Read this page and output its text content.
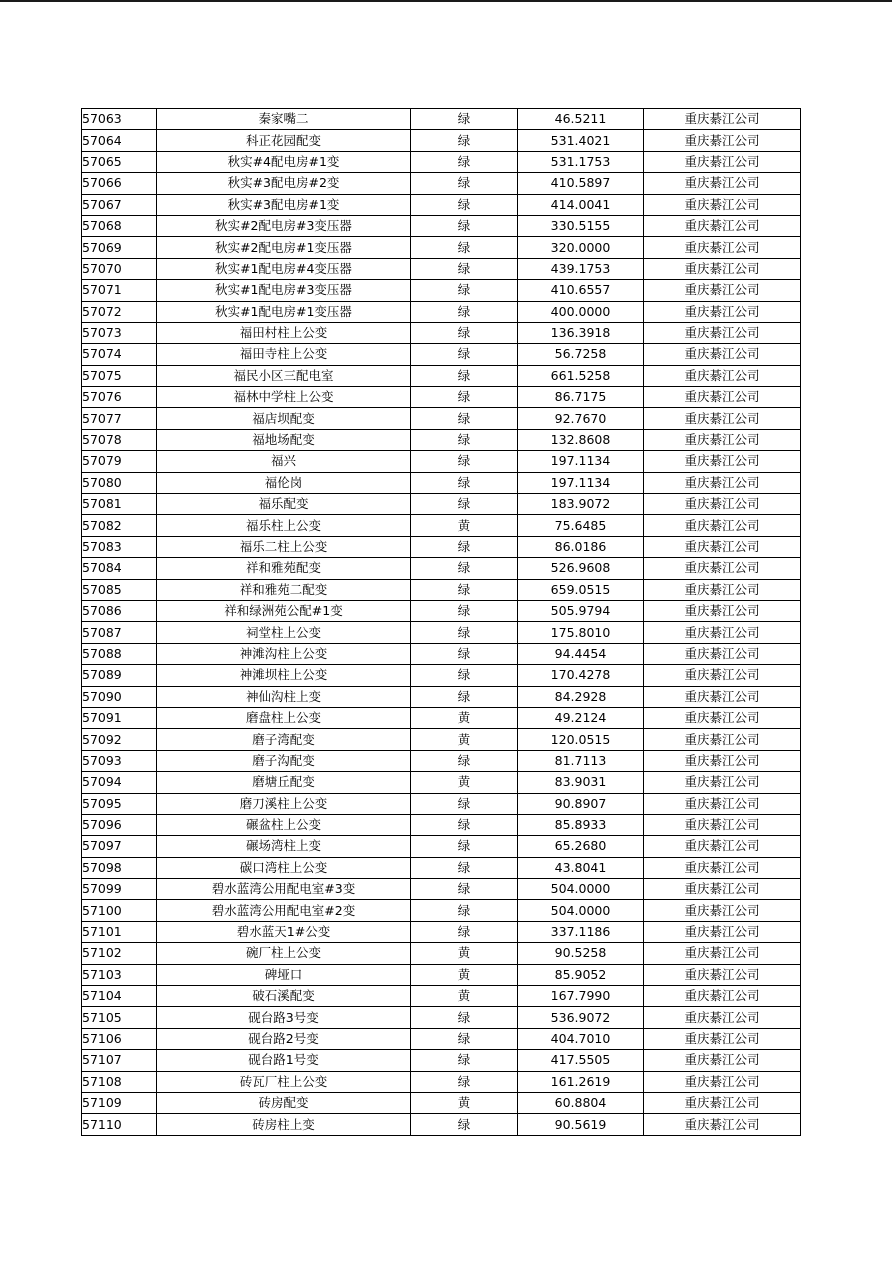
57063	秦家嘴二	绿	46.5211	重庆綦江公司
57064	科正花园配变	绿	531.4021	重庆綦江公司
57065	秋实#4配电房#1变	绿	531.1753	重庆綦江公司
57066	秋实#3配电房#2变	绿	410.5897	重庆綦江公司
57067	秋实#3配电房#1变	绿	414.0041	重庆綦江公司
57068	秋实#2配电房#3变压器	绿	330.5155	重庆綦江公司
57069	秋实#2配电房#1变压器	绿	320.0000	重庆綦江公司
57070	秋实#1配电房#4变压器	绿	439.1753	重庆綦江公司
57071	秋实#1配电房#3变压器	绿	410.6557	重庆綦江公司
57072	秋实#1配电房#1变压器	绿	400.0000	重庆綦江公司
57073	福田村柱上公变	绿	136.3918	重庆綦江公司
57074	福田寺柱上公变	绿	56.7258	重庆綦江公司
57075	福民小区三配电室	绿	661.5258	重庆綦江公司
57076	福林中学柱上公变	绿	86.7175	重庆綦江公司
57077	福店坝配变	绿	92.7670	重庆綦江公司
57078	福地场配变	绿	132.8608	重庆綦江公司
57079	福兴	绿	197.1134	重庆綦江公司
57080	福伦岗	绿	197.1134	重庆綦江公司
57081	福乐配变	绿	183.9072	重庆綦江公司
57082	福乐柱上公变	黄	75.6485	重庆綦江公司
57083	福乐二柱上公变	绿	86.0186	重庆綦江公司
57084	祥和雅苑配变	绿	526.9608	重庆綦江公司
57085	祥和雅苑二配变	绿	659.0515	重庆綦江公司
57086	祥和绿洲苑公配#1变	绿	505.9794	重庆綦江公司
57087	祠堂柱上公变	绿	175.8010	重庆綦江公司
57088	神滩沟柱上公变	绿	94.4454	重庆綦江公司
57089	神滩坝柱上公变	绿	170.4278	重庆綦江公司
57090	神仙沟柱上变	绿	84.2928	重庆綦江公司
57091	磨盘柱上公变	黄	49.2124	重庆綦江公司
57092	磨子湾配变	黄	120.0515	重庆綦江公司
57093	磨子沟配变	绿	81.7113	重庆綦江公司
57094	磨塘丘配变	黄	83.9031	重庆綦江公司
57095	磨刀溪柱上公变	绿	90.8907	重庆綦江公司
57096	碾盆柱上公变	绿	85.8933	重庆綦江公司
57097	碾场湾柱上变	绿	65.2680	重庆綦江公司
57098	碳口湾柱上公变	绿	43.8041	重庆綦江公司
57099	碧水蓝湾公用配电室#3变	绿	504.0000	重庆綦江公司
57100	碧水蓝湾公用配电室#2变	绿	504.0000	重庆綦江公司
57101	碧水蓝天1#公变	绿	337.1186	重庆綦江公司
57102	碗厂柱上公变	黄	90.5258	重庆綦江公司
57103	碑垭口	黄	85.9052	重庆綦江公司
57104	破石溪配变	黄	167.7990	重庆綦江公司
57105	砚台路3号变	绿	536.9072	重庆綦江公司
57106	砚台路2号变	绿	404.7010	重庆綦江公司
57107	砚台路1号变	绿	417.5505	重庆綦江公司
57108	砖瓦厂柱上公变	绿	161.2619	重庆綦江公司
57109	砖房配变	黄	60.8804	重庆綦江公司
57110	砖房柱上变	绿	90.5619	重庆綦江公司
